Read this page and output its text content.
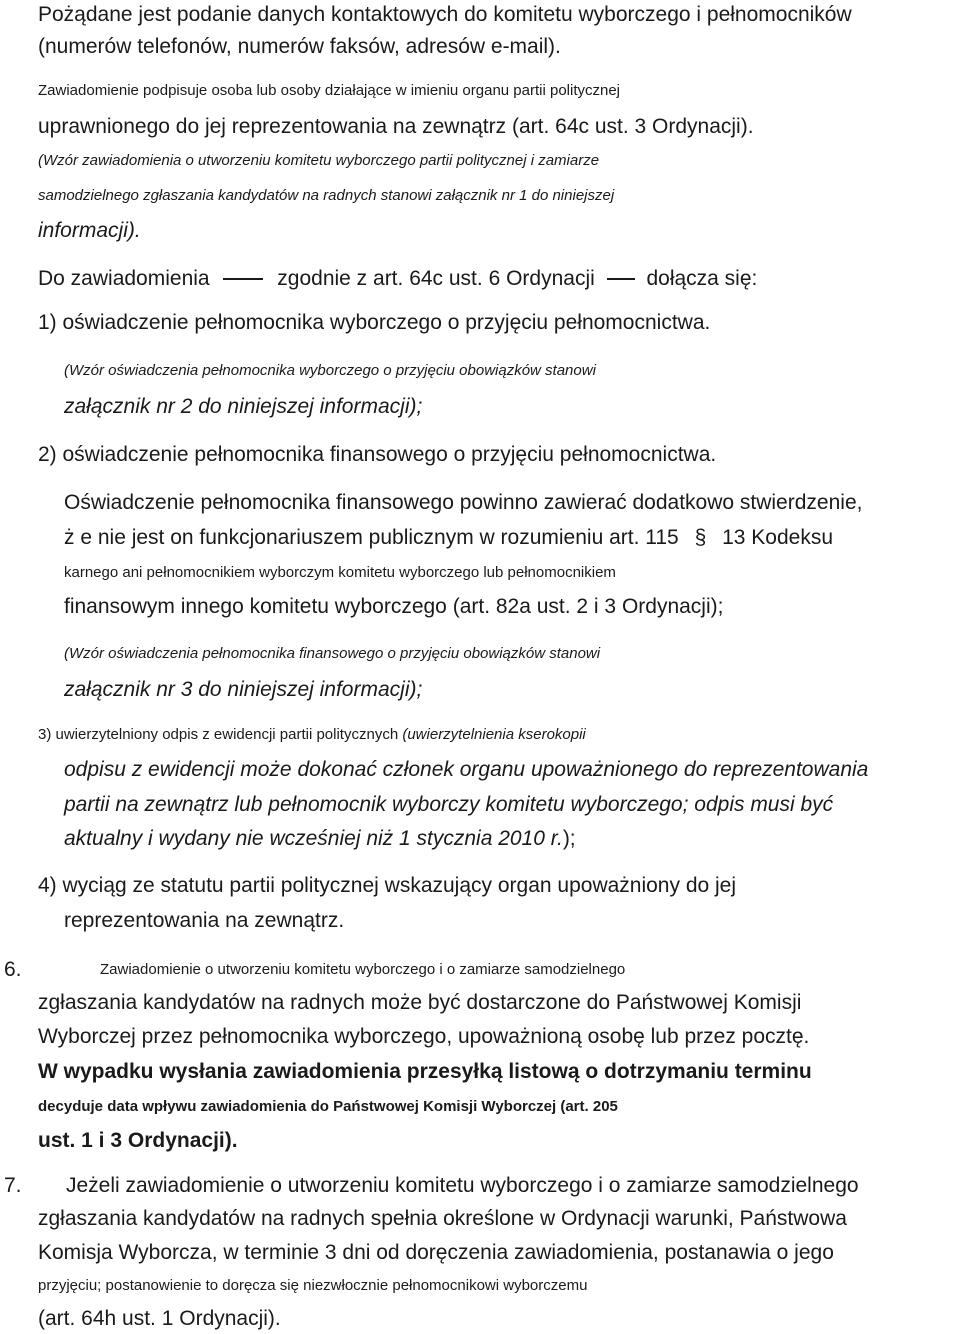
Pożądane jest podanie danych kontaktowych do komitetu wyborczego i pełnomocników
(numerów telefonów, numerów faksów, adresów e-mail).
Zawiadomienie podpisuje osoba lub osoby działające w imieniu organu partii politycznej
uprawnionego do jej reprezentowania na zewnątrz (art. 64c ust. 3 Ordynacji).
(Wzór zawiadomienia o utworzeniu komitetu wyborczego partii politycznej i zamiarze
samodzielnego zgłaszania kandydatów na radnych stanowi załącznik nr 1 do niniejszej
informacji).
Do zawiadomienia	zgodnie z art. 64c ust. 6 Ordynacji dołącza się:
1) oświadczenie pełnomocnika wyborczego o przyjęciu pełnomocnictwa.
(Wzór oświadczenia pełnomocnika wyborczego o przyjęciu obowiązków stanowi
załącznik nr 2 do niniejszej informacji);
2) oświadczenie pełnomocnika finansowego o przyjęciu pełnomocnictwa.
Oświadczenie pełnomocnika finansowego powinno zawierać dodatkowo stwierdzenie,
ż e nie jest on funkcjonariuszem publicznym w rozumieniu art. 115 § 13 Kodeksu
karnego ani pełnomocnikiem wyborczym komitetu wyborczego lub pełnomocnikiem
finansowym innego komitetu wyborczego (art. 82a ust. 2 i 3 Ordynacji);
(Wzór oświadczenia pełnomocnika finansowego o przyjęciu obowiązków stanowi
załącznik nr 3 do niniejszej informacji);
3) uwierzytelniony odpis z ewidencji partii politycznych (uwierzytelnienia kserokopii
odpisu z ewidencji może dokonać członek organu upoważnionego do reprezentowania
partii na zewnątrz lub pełnomocnik wyborczy komitetu wyborczego; odpis musi być
aktualny i wydany nie wcześniej niż 1 stycznia 2010 r.);
4) wyciąg ze statutu partii politycznej wskazujący organ upoważniony do jej
reprezentowania na zewnątrz.
6.	Zawiadomienie o utworzeniu komitetu wyborczego i o zamiarze samodzielnego
zgłaszania kandydatów na radnych może być dostarczone do Państwowej Komisji
Wyborczej przez pełnomocnika wyborczego, upoważnioną osobę lub przez pocztę.
W wypadku wysłania zawiadomienia przesyłką listową o dotrzymaniu terminu
decyduje data wpływu zawiadomienia do Państwowej Komisji Wyborczej (art. 205
ust. 1 i 3 Ordynacji).
7. Jeżeli zawiadomienie o utworzeniu komitetu wyborczego i o zamiarze samodzielnego
zgłaszania kandydatów na radnych spełnia określone w Ordynacji warunki, Państwowa
Komisja Wyborcza, w terminie 3 dni od doręczenia zawiadomienia, postanawia o jego
przyjęciu; postanowienie to doręcza się niezwłocznie pełnomocnikowi wyborczemu
(art. 64h ust. 1 Ordynacji).
